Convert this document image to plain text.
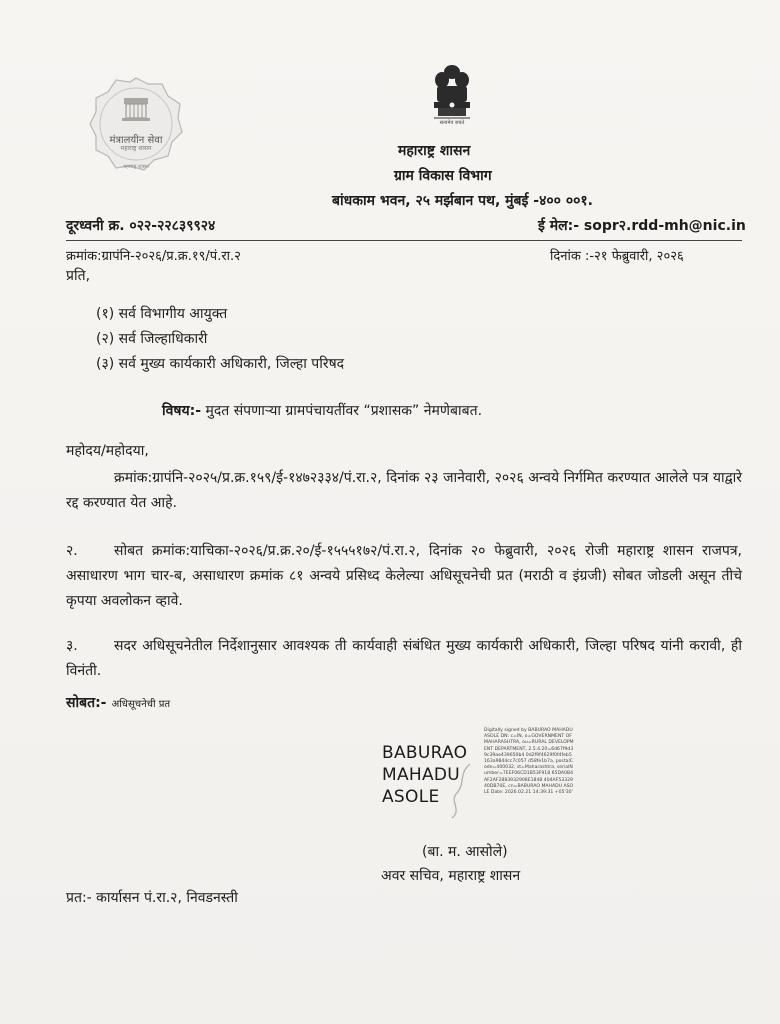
मंत्रालयीन सेवा
महाराष्ट्र शासन
महाराष्ट्र शासन
सत्यमेव जयते
महाराष्ट्र शासन
ग्राम विकास विभाग
बांधकाम भवन, २५ मर्झबान पथ, मुंबई -४०० ००१.
दूरध्वनी क्र. ०२२-२२८३९९२४	ई मेल:- sopr२.rdd-mh@nic.in
क्रमांक:ग्रापंनि-२०२६/प्र.क्र.१९/पं.रा.२	दिनांक :-२१ फेब्रुवारी, २०२६
प्रति,
(१) सर्व विभागीय आयुक्त
(२) सर्व जिल्हाधिकारी
(३) सर्व मुख्य कार्यकारी अधिकारी, जिल्हा परिषद
विषय:- मुदत संपणाऱ्या ग्रामपंचायतींवर “प्रशासक” नेमणेबाबत.
महोदय/महोदया,
क्रमांक:ग्रापंनि-२०२५/प्र.क्र.१५९/ई-१४७२३३४/पं.रा.२, दिनांक २३ जानेवारी, २०२६ अन्वये निर्गमित करण्यात आलेले पत्र याद्वारे रद्द करण्यात येत आहे.
२.	सोबत क्रमांक:याचिका-२०२६/प्र.क्र.२०/ई-१५५५१७२/पं.रा.२, दिनांक २० फेब्रुवारी, २०२६ रोजी महाराष्ट्र शासन राजपत्र, असाधारण भाग चार-ब, असाधारण क्रमांक ८१ अन्वये प्रसिध्द केलेल्या अधिसूचनेची प्रत (मराठी व इंग्रजी) सोबत जोडली असून तीचे कृपया अवलोकन व्हावे.
३.	सदर अधिसूचनेतील निर्देशानुसार आवश्यक ती कार्यवाही संबंधित मुख्य कार्यकारी अधिकारी, जिल्हा परिषद यांनी करावी, ही विनंती.
सोबत:- अधिसूचनेची प्रत
BABURAO
MAHADU
ASOLE
Digitally signed by BABURAO MAHADU ASOLE DN: c=IN, o=GOVERNMENT OF MAHARASHTRA, ou=RURAL DEVELOPMENT DEPARTMENT, 2.5.4.20=6d67f9d39c39ae439650b4 0d2f9f4629f0f4feb5163a9844cc7c057 d58fe1b7a, postalCode=400032, st=Maharashtra, serialNumber=7EEF06CD1B53F918 65DA0B4AF2AF2883932908E1848 404AF5332940DB70E, cn=BABURAO MAHADU ASOLE Date: 2026.02.21 14:39:31 +05'30'
(बा. म. आसोले)
अवर सचिव, महाराष्ट्र शासन
प्रत:- कार्यासन पं.रा.२, निवडनस्ती
